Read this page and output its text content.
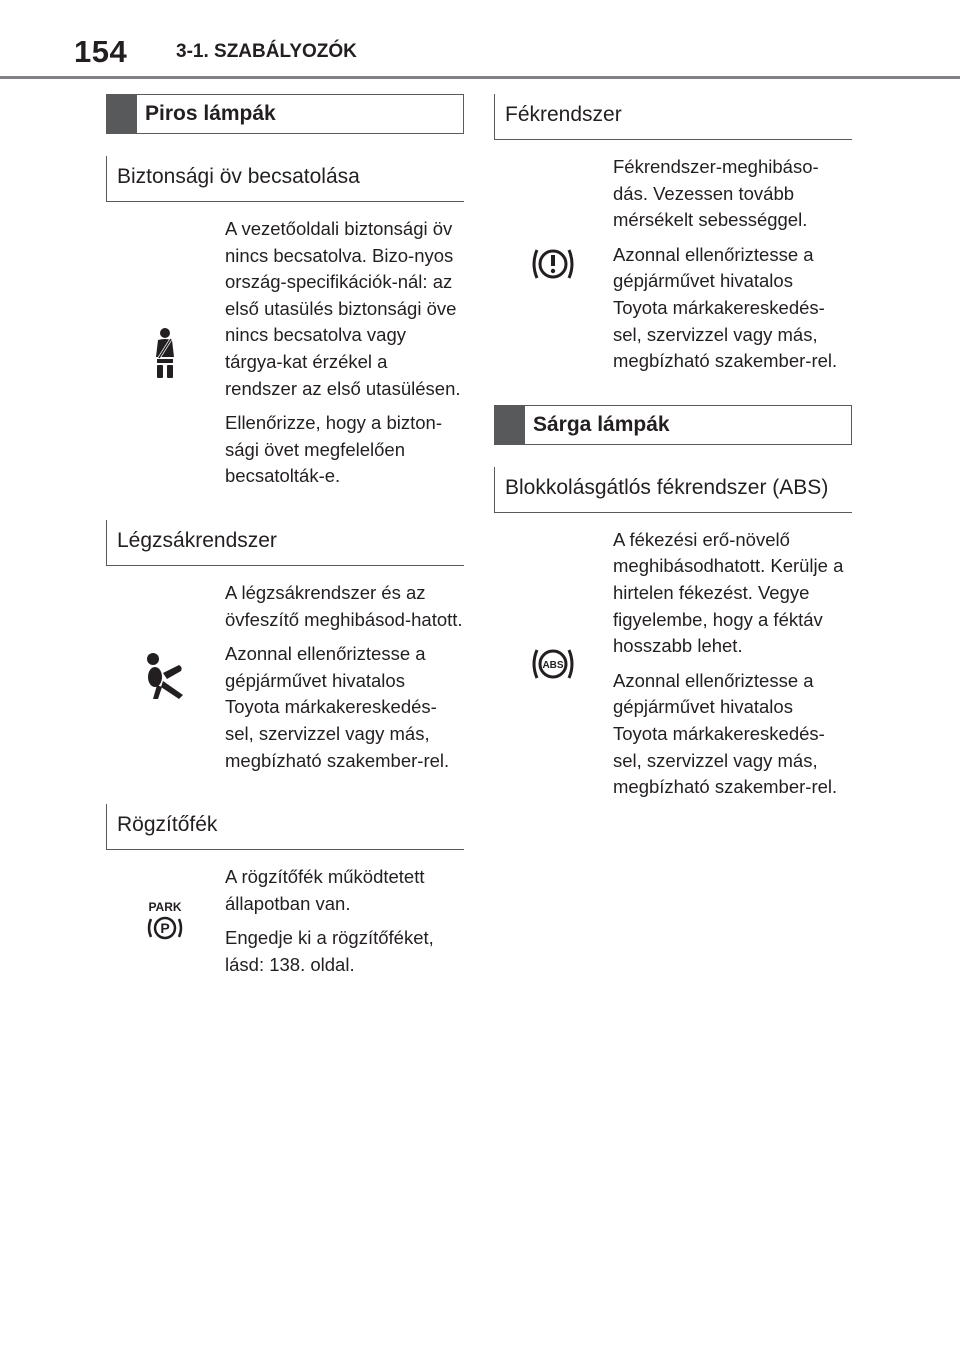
154	3-1. SZABÁLYOZÓK
Piros lámpák
Biztonsági öv becsatolása

A vezetőoldali biztonsági öv nincs becsatolva. Bizo-nyos ország-specifikációk-nál: az első utasülés biztonsági öve nincs becsatolva vagy tárgya-kat érzékel a rendszer az első utasülésen.

Ellenőrizze, hogy a bizton-sági övet megfelelően becsatolták-e.

Légzsákrendszer

A légzsákrendszer és az övfeszítő meghibásod-hatott.

Azonnal ellenőriztesse a gépjárművet hivatalos Toyota márkakereskedés-sel, szervizzel vagy más, megbízható szakember-rel.

Rögzítőfék
PARK
P

A rögzítőfék működtetett állapotban van.

Engedje ki a rögzítőféket, lásd: 138. oldal.

Fékrendszer

Fékrendszer-meghibáso-dás. Vezessen tovább mérsékelt sebességgel.

Azonnal ellenőriztesse a gépjárművet hivatalos Toyota márkakereskedés-sel, szervizzel vagy más, megbízható szakember-rel.

Sárga lámpák
Blokkolásgátlós fékrendszer (ABS)
ABS

A fékezési erő-növelő meghibásodhatott. Kerülje a hirtelen fékezést. Vegye figyelembe, hogy a féktáv hosszabb lehet.

Azonnal ellenőriztesse a gépjárművet hivatalos Toyota márkakereskedés-sel, szervizzel vagy más, megbízható szakember-rel.
